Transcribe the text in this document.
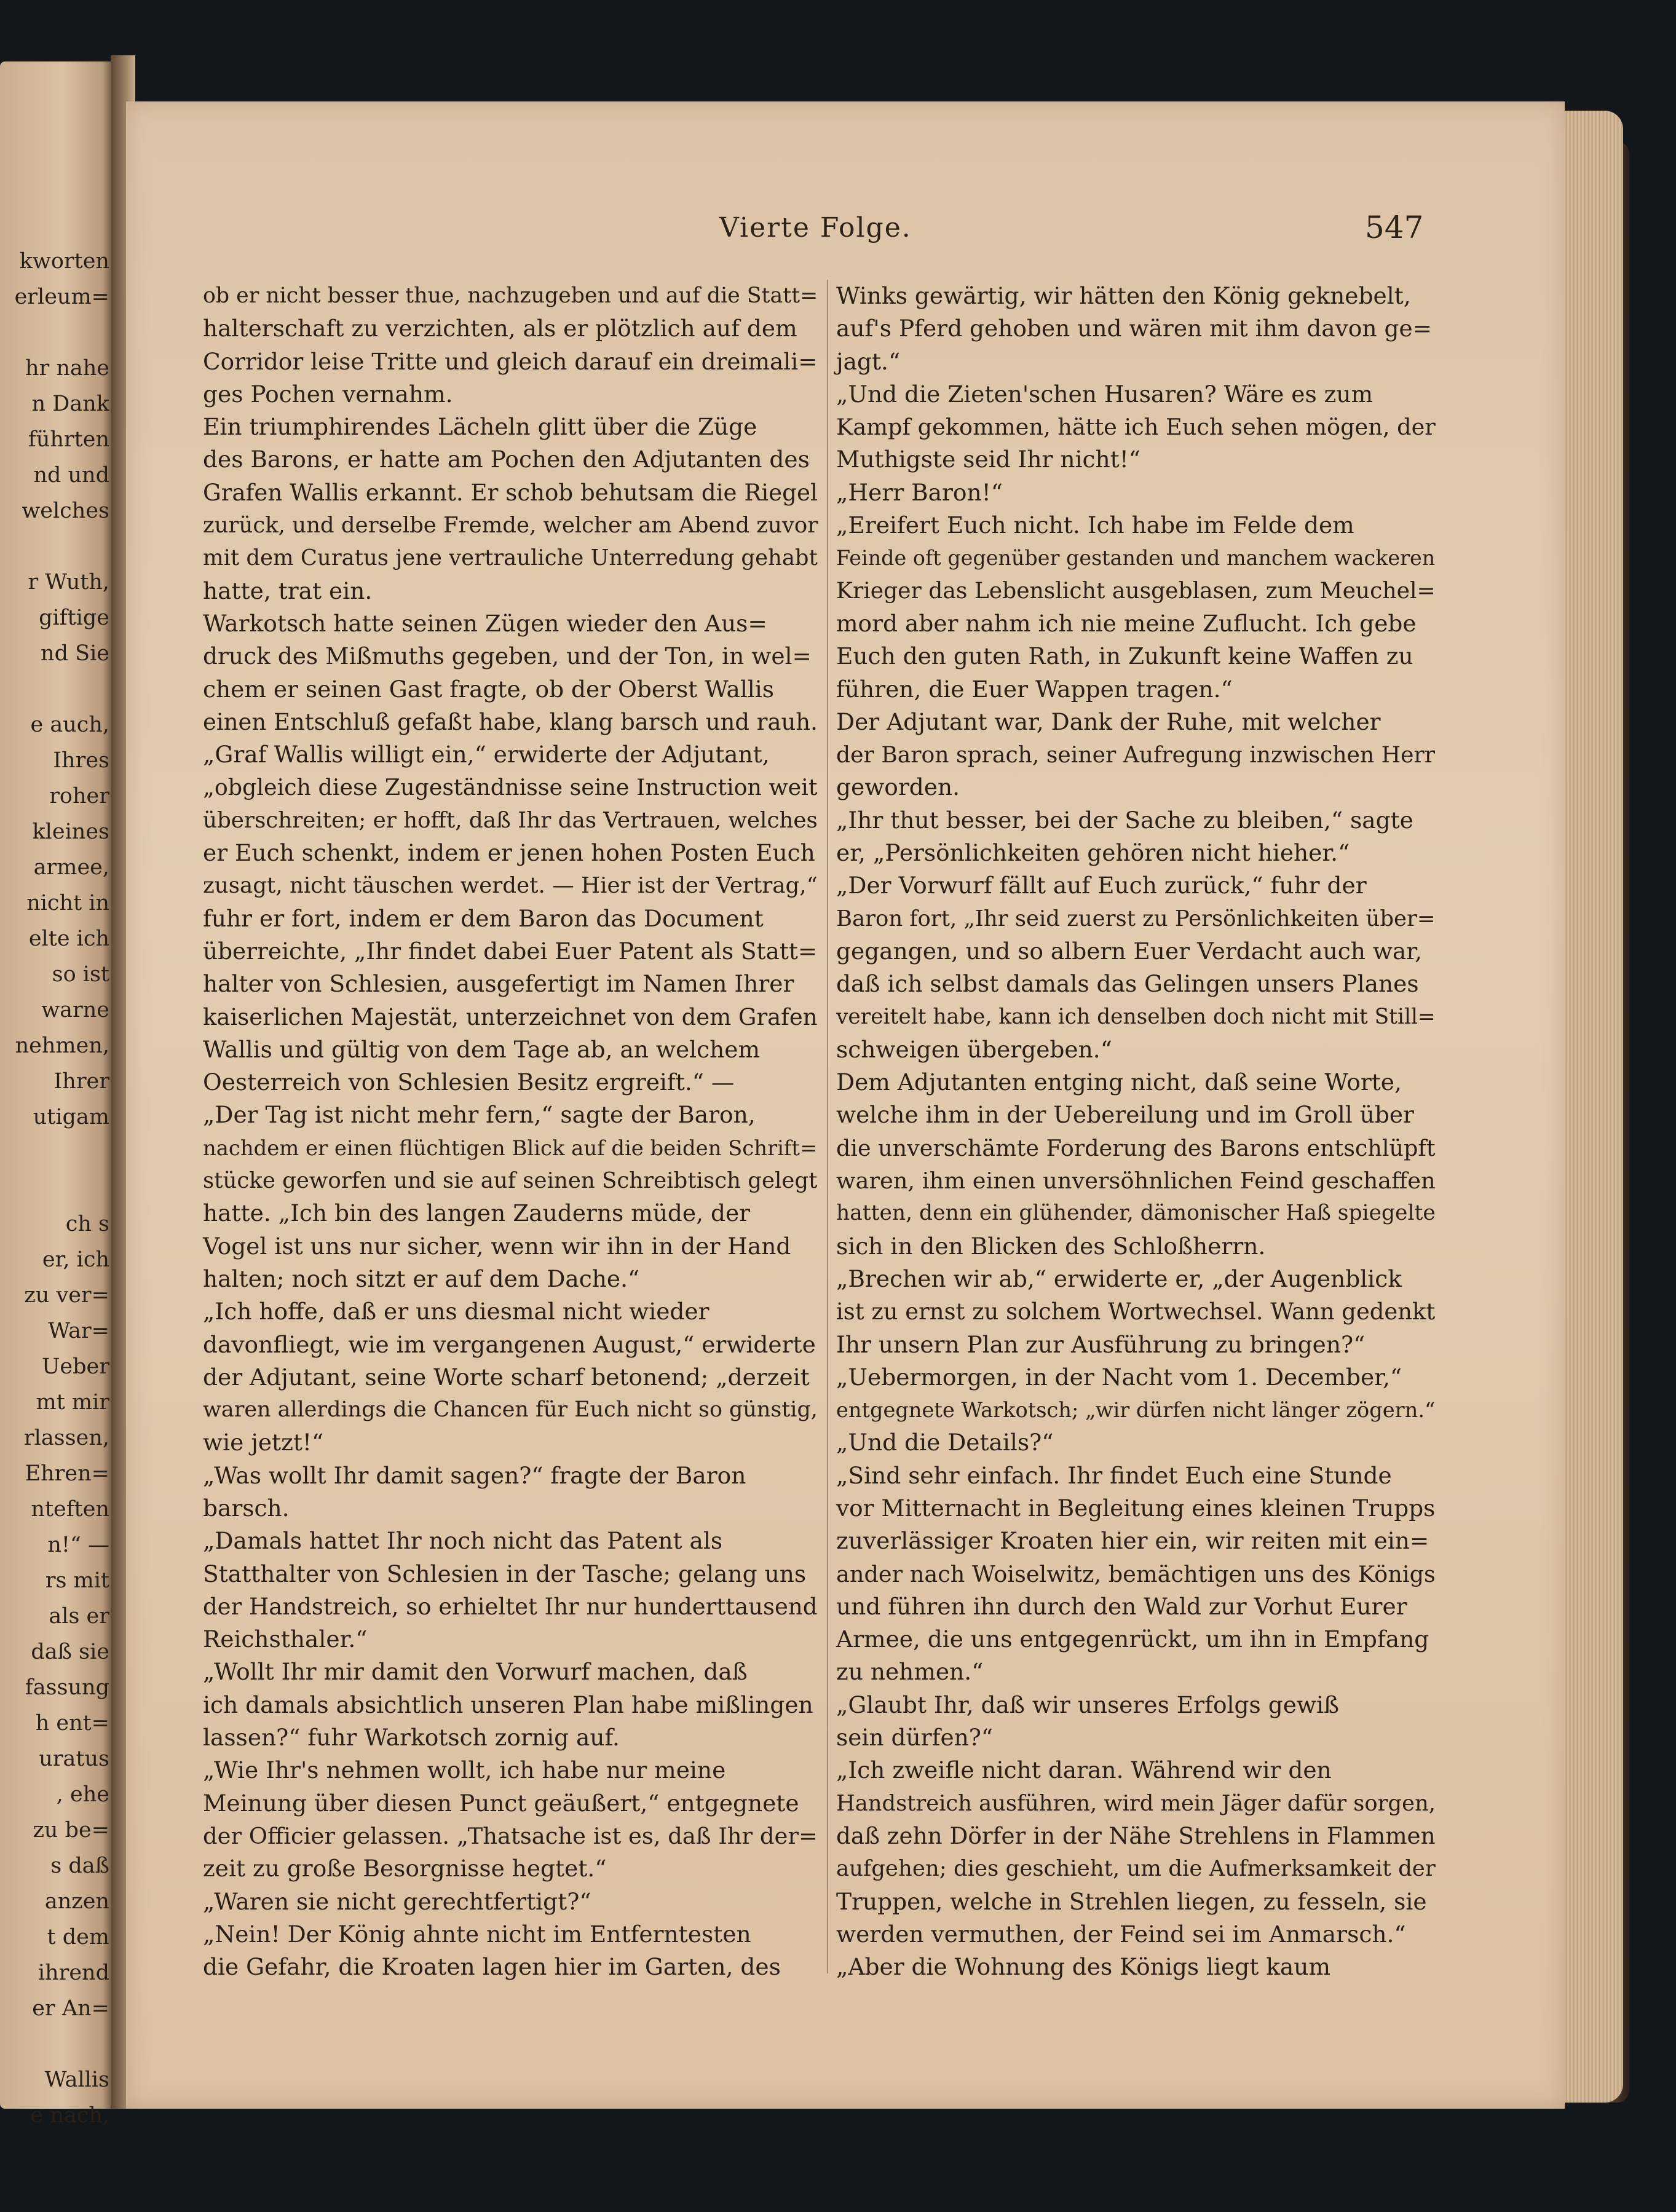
kworten
erleum=
hr nahe
n Dank
führten
nd und
welches
r Wuth,
giftige
nd Sie
e auch,
Ihres
roher
kleines
armee,
nicht in
elte ich
so ist
warne
nehmen,
Ihrer
utigam
ch s
er, ich
zu ver=
War=
Ueber
mt mir
rlassen,
Ehren=
nteften
n!“ —
rs mit
als er
daß sie
fassung
h ent=
uratus
, ehe
zu be=
s daß
anzen
t dem
ihrend
er An=
Wallis
e nach,
Vierte Folge.	547
ob er nicht besser thue, nachzugeben und auf die Statt=
halterschaft zu verzichten, als er plötzlich auf dem
Corridor leise Tritte und gleich darauf ein dreimali=
ges Pochen vernahm.
Ein triumphirendes Lächeln glitt über die Züge
des Barons, er hatte am Pochen den Adjutanten des
Grafen Wallis erkannt. Er schob behutsam die Riegel
zurück, und derselbe Fremde, welcher am Abend zuvor
mit dem Curatus jene vertrauliche Unterredung gehabt
hatte, trat ein.
Warkotsch hatte seinen Zügen wieder den Aus=
druck des Mißmuths gegeben, und der Ton, in wel=
chem er seinen Gast fragte, ob der Oberst Wallis
einen Entschluß gefaßt habe, klang barsch und rauh.
„Graf Wallis willigt ein,“ erwiderte der Adjutant,
„obgleich diese Zugeständnisse seine Instruction weit
überschreiten; er hofft, daß Ihr das Vertrauen, welches
er Euch schenkt, indem er jenen hohen Posten Euch
zusagt, nicht täuschen werdet. — Hier ist der Vertrag,“
fuhr er fort, indem er dem Baron das Document
überreichte, „Ihr findet dabei Euer Patent als Statt=
halter von Schlesien, ausgefertigt im Namen Ihrer
kaiserlichen Majestät, unterzeichnet von dem Grafen
Wallis und gültig von dem Tage ab, an welchem
Oesterreich von Schlesien Besitz ergreift.“ —
„Der Tag ist nicht mehr fern,“ sagte der Baron,
nachdem er einen flüchtigen Blick auf die beiden Schrift=
stücke geworfen und sie auf seinen Schreibtisch gelegt
hatte. „Ich bin des langen Zauderns müde, der
Vogel ist uns nur sicher, wenn wir ihn in der Hand
halten; noch sitzt er auf dem Dache.“
„Ich hoffe, daß er uns diesmal nicht wieder
davonfliegt, wie im vergangenen August,“ erwiderte
der Adjutant, seine Worte scharf betonend; „derzeit
waren allerdings die Chancen für Euch nicht so günstig,
wie jetzt!“
„Was wollt Ihr damit sagen?“ fragte der Baron
barsch.
„Damals hattet Ihr noch nicht das Patent als
Statthalter von Schlesien in der Tasche; gelang uns
der Handstreich, so erhieltet Ihr nur hunderttausend
Reichsthaler.“
„Wollt Ihr mir damit den Vorwurf machen, daß
ich damals absichtlich unseren Plan habe mißlingen
lassen?“ fuhr Warkotsch zornig auf.
„Wie Ihr's nehmen wollt, ich habe nur meine
Meinung über diesen Punct geäußert,“ entgegnete
der Officier gelassen. „Thatsache ist es, daß Ihr der=
zeit zu große Besorgnisse hegtet.“
„Waren sie nicht gerechtfertigt?“
„Nein! Der König ahnte nicht im Entferntesten
die Gefahr, die Kroaten lagen hier im Garten, des
Winks gewärtig, wir hätten den König geknebelt,
auf's Pferd gehoben und wären mit ihm davon ge=
jagt.“
„Und die Zieten'schen Husaren? Wäre es zum
Kampf gekommen, hätte ich Euch sehen mögen, der
Muthigste seid Ihr nicht!“
„Herr Baron!“
„Ereifert Euch nicht. Ich habe im Felde dem
Feinde oft gegenüber gestanden und manchem wackeren
Krieger das Lebenslicht ausgeblasen, zum Meuchel=
mord aber nahm ich nie meine Zuflucht. Ich gebe
Euch den guten Rath, in Zukunft keine Waffen zu
führen, die Euer Wappen tragen.“
Der Adjutant war, Dank der Ruhe, mit welcher
der Baron sprach, seiner Aufregung inzwischen Herr
geworden.
„Ihr thut besser, bei der Sache zu bleiben,“ sagte
er, „Persönlichkeiten gehören nicht hieher.“
„Der Vorwurf fällt auf Euch zurück,“ fuhr der
Baron fort, „Ihr seid zuerst zu Persönlichkeiten über=
gegangen, und so albern Euer Verdacht auch war,
daß ich selbst damals das Gelingen unsers Planes
vereitelt habe, kann ich denselben doch nicht mit Still=
schweigen übergeben.“
Dem Adjutanten entging nicht, daß seine Worte,
welche ihm in der Uebereilung und im Groll über
die unverschämte Forderung des Barons entschlüpft
waren, ihm einen unversöhnlichen Feind geschaffen
hatten, denn ein glühender, dämonischer Haß spiegelte
sich in den Blicken des Schloßherrn.
„Brechen wir ab,“ erwiderte er, „der Augenblick
ist zu ernst zu solchem Wortwechsel. Wann gedenkt
Ihr unsern Plan zur Ausführung zu bringen?“
„Uebermorgen, in der Nacht vom 1. December,“
entgegnete Warkotsch; „wir dürfen nicht länger zögern.“
„Und die Details?“
„Sind sehr einfach. Ihr findet Euch eine Stunde
vor Mitternacht in Begleitung eines kleinen Trupps
zuverlässiger Kroaten hier ein, wir reiten mit ein=
ander nach Woiselwitz, bemächtigen uns des Königs
und führen ihn durch den Wald zur Vorhut Eurer
Armee, die uns entgegenrückt, um ihn in Empfang
zu nehmen.“
„Glaubt Ihr, daß wir unseres Erfolgs gewiß
sein dürfen?“
„Ich zweifle nicht daran. Während wir den
Handstreich ausführen, wird mein Jäger dafür sorgen,
daß zehn Dörfer in der Nähe Strehlens in Flammen
aufgehen; dies geschieht, um die Aufmerksamkeit der
Truppen, welche in Strehlen liegen, zu fesseln, sie
werden vermuthen, der Feind sei im Anmarsch.“
„Aber die Wohnung des Königs liegt kaum
